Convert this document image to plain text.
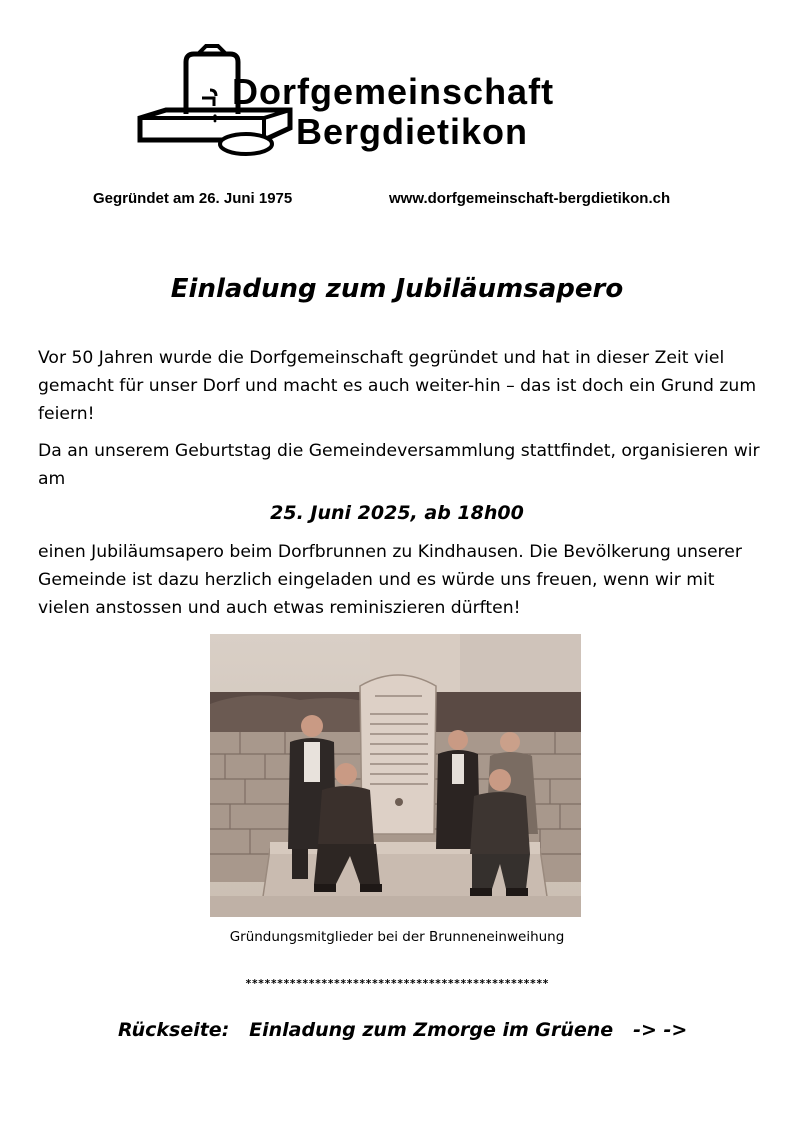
Dorfgemeinschaft
Bergdietikon
Gegründet am 26. Juni 1975	www.dorfgemeinschaft-bergdietikon.ch
Einladung zum Jubiläumsapero
Vor 50 Jahren wurde die Dorfgemeinschaft gegründet und hat in dieser Zeit viel gemacht für unser Dorf und macht es auch weiter-hin – das ist doch ein Grund zum feiern!
Da an unserem Geburtstag die Gemeindeversammlung stattfindet, organisieren wir am
25. Juni 2025, ab 18h00
einen Jubiläumsapero beim Dorfbrunnen zu Kindhausen. Die Bevölkerung unserer Gemeinde ist dazu herzlich eingeladen und es würde uns freuen, wenn wir mit vielen anstossen und auch etwas reminiszieren dürften!
Gründungsmitglieder bei der Brunneneinweihung
************************************************
Rückseite: Einladung zum Zmorge im Grüene -> ->
